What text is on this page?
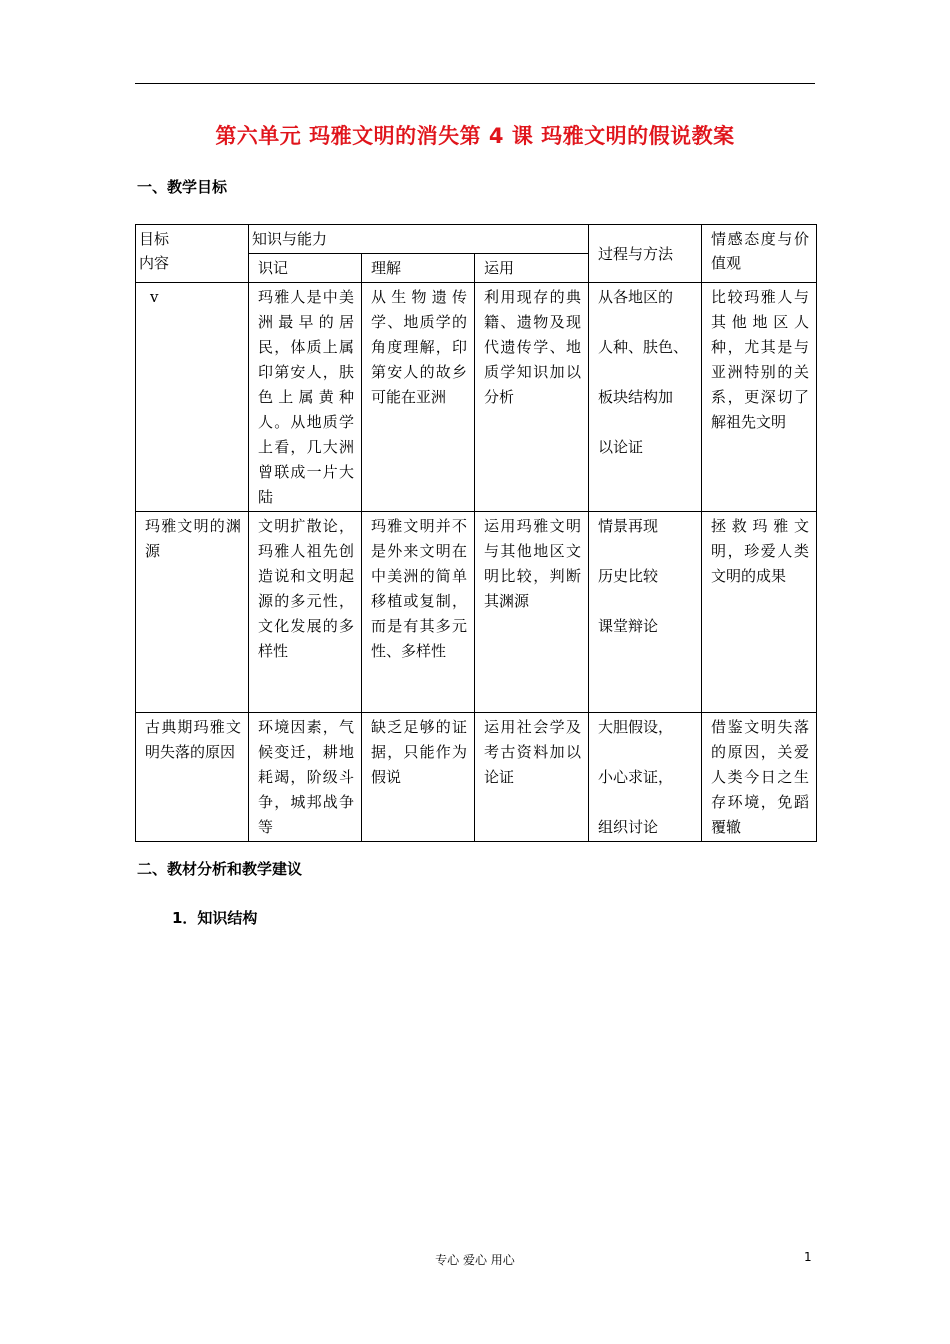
第六单元 玛雅文明的消失第 4 课 玛雅文明的假说教案
一、教学目标
目标
内容	知识与能力			过程与方法	情感态度与价值观
	识记	理解	运用		
v	玛雅人是中美洲最早的居民，体质上属印第安人，肤色上属黄种人。从地质学上看，几大洲曾联成一片大陆	从生物遗传学、地质学的角度理解，印第安人的故乡可能在亚洲	利用现存的典籍、遗物及现代遗传学、地质学知识加以分析	从各地区的
人种、肤色、
板块结构加
以论证	比较玛雅人与其他地区人种，尤其是与亚洲特别的关系，更深切了解祖先文明
玛雅文明的渊源	文明扩散论，玛雅人祖先创造说和文明起源的多元性，文化发展的多样性	玛雅文明并不是外来文明在中美洲的简单移植或复制，而是有其多元性、多样性	运用玛雅文明与其他地区文明比较，判断其渊源	情景再现
历史比较
课堂辩论	拯救玛雅文明，珍爱人类文明的成果
古典期玛雅文明失落的原因	环境因素，气候变迁，耕地耗竭，阶级斗争，城邦战争等	缺乏足够的证据，只能作为假说	运用社会学及考古资料加以论证	大胆假设，
小心求证，
组织讨论	借鉴文明失落的原因，关爱人类今日之生存环境，免蹈覆辙
二、教材分析和教学建议
1．知识结构
专心 爱心 用心	1
